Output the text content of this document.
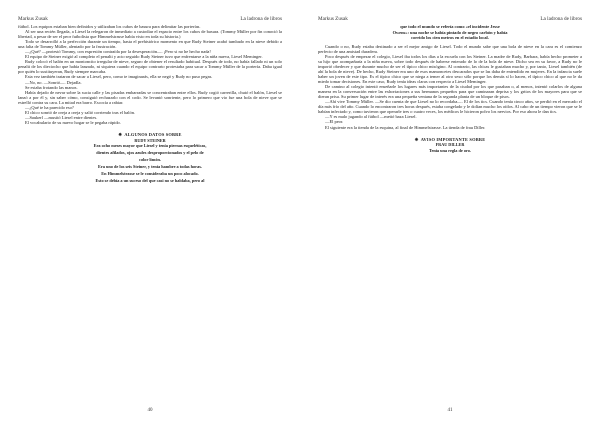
Markus Zusak	La ladrona de libros

fútbol. Los equipos estaban bien definidos y utilizaban los cubos de basura para delimitar las porterías.

Al ser una recién llegada, a Liesel la relegaron de inmediato a custodiar el espacio entre los cubos de basura. (Tommy Müller por fin conoció la libertad, a pesar de ser el peor futbolista que Himmelstrasse había visto en toda su historia.)

Todo se desarrolló a la perfección durante un tiempo, hasta el prehistórico momento en que Rudy Steiner acabó tumbado en la nieve debido a una falta de Tommy Müller, alentado por la frustración.

—¿Qué? —protestó Tommy, con expresión contraída por la desesperación—. ¡Pero si no he hecho nada!

El equipo de Steiner exigió al completo el penalti y acto seguido Rudy Steiner tuvo que enfrentarse a la niña nueva, Liesel Meminger.

Rudy colocó el balón en un montoncito irregular de nieve, seguro de obtener el resultado habitual. Después de todo, no había fallado ni un solo penalti de los dieciocho que había lanzado, ni siquiera cuando el equipo contrario protestaba para sacar a Tommy Müller de la portería. Daba igual por quién lo sustituyeran, Rudy siempre marcaba.

Esta vez también trataron de sacar a Liesel, pero, como te imaginarás, ella se negó y Rudy no puso pegas.

—No, no. —Sonrió—. Dejadla.

Se estaba frotando las manos.

Había dejado de nevar sobre la sucia calle y las pisadas embarradas se concentraban entre ellos. Rudy cogió carrerilla, chutó el balón, Liesel se lanzó a por él y, sin saber cómo, consiguió rechazarlo con el codo. Se levantó sonriente, pero lo primero que vio fue una bola de nieve que se estrelló contra su cara. La mitad era barro. Escocía a rabiar.

—¿Qué te ha parecido eso?

El chico sonrió de oreja a oreja y salió corriendo tras el balón.

—Saukerl —musitó Liesel entre dientes.

El vocabulario de su nuevo hogar se le pegaba rápido.

✵ ALGUNOS DATOS SOBRE
RUDY STEINER
Era ocho meses mayor que Liesel y tenía piernas esqueléticas,
dientes afilados, ojos azules desproporcionados y el pelo de
color limón.
Era uno de los seis Steiner, y tenía hambre a todas horas.
En Himmelstrasse se le consideraba un poco alocado.
Esto se debía a un suceso del que casi no se hablaba, pero al
40
Markus Zusak	La ladrona de libros
que todo el mundo se refería como «el incidente Jesse
Owens»: una noche se había pintado de negro carbón y había
corrido los cien metros en el estadio local.

Cuando o no, Rudy estaba destinado a ser el mejor amigo de Liesel. Todo el mundo sabe que una bola de nieve en la cara es el comienzo perfecto de una amistad duradera.

Poco después de empezar el colegio, Liesel iba todos los días a la escuela con los Steiner. La madre de Rudy, Barbara, había hecho prometer a su hijo que acompañaría a la niña nueva, sobre todo después de haberse enterado de lo de la bola de nieve. Dicho sea en su favor, a Rudy no le importó obedecer y que durante mucho de ser el típico chico misógino. Al contrario, las chicas le gustaban mucho y, por tanto, Liesel también (de ahí la bola de nieve). De hecho, Rudy Steiner era uno de esos mamoncetes descarados que se las daba de entendido en mujeres. En la infancia suele haber un joven de este tipo. Es el típico chico que se niega a temer al otro sexo sólo porque los demás sí lo hacen, el típico chico al que no le da miedo tomar decisiones. En este caso, Rudy tenía ideas claras con respecto a Liesel Meminger.

De camino al colegio intentó enseñarle los lugares más importantes de la ciudad por los que pasaban o, al menos, intentó colarlos de alguna manera en la conversación entre las exhortaciones a sus hermanos pequeños para que caminaran deprisa y los gritos de los mayores para que se dieran prisa. Su primer lugar de interés era una pequeña ventana de la segunda planta de un bloque de pisos.

—Ahí vive Tommy Müller. —Se dio cuenta de que Liesel no lo recordaba—. El de los tics. Cuando tenía cinco años, se perdió en el mercado el día más frío del año. Cuando lo encontraron tres horas después, estaba congelado y le dolían mucho los oídos. Al cabo de un tiempo vieron que se le habían infectado y, como tuvieron que operarle tres o cuatro veces, los médicos le hicieron polvo los nervios. Por eso ahora le dan tics.

—Y es malo jugando al fútbol —metió baza Liesel.

—El peor.

El siguiente era la tienda de la esquina, al final de Himmelstrasse. La tienda de frau Diller.

✵ AVISO IMPORTANTE SOBRE
FRAU DILLER
Tenía una regla de oro.
41
